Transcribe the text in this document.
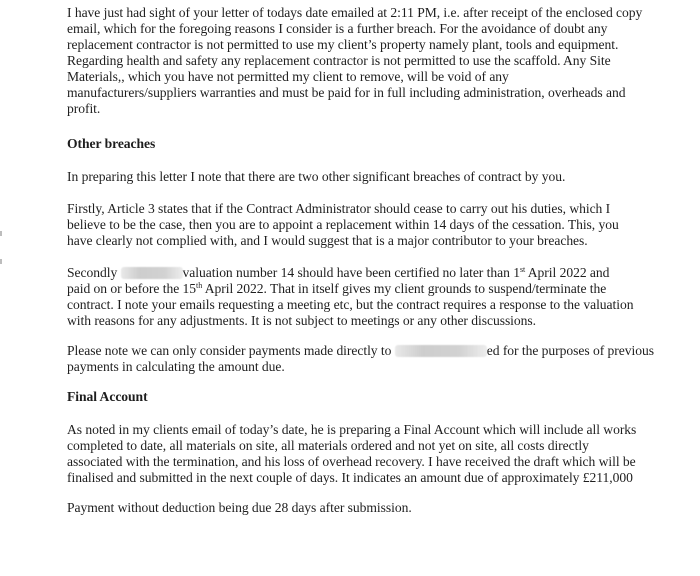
I have just had sight of your letter of todays date emailed at 2:11 PM, i.e. after receipt of the enclosed copy
email, which for the foregoing reasons I consider is a further breach. For the avoidance of doubt any
replacement contractor is not permitted to use my client’s property namely plant, tools and equipment.
Regarding health and safety any replacement contractor is not permitted to use the scaffold. Any Site
Materials,, which you have not permitted my client to remove, will be void of any
manufacturers/suppliers warranties and must be paid for in full including administration, overheads and
profit.
Other breaches
In preparing this letter I note that there are two other significant breaches of contract by you.
Firstly, Article 3 states that if the Contract Administrator should cease to carry out his duties, which I
believe to be the case, then you are to appoint a replacement within 14 days of the cessation. This, you
have clearly not complied with, and I would suggest that is a major contributor to your breaches.
Secondly	valuation number 14 should have been certified no later than 1st April 2022 and
paid on or before the 15th April 2022. That in itself gives my client grounds to suspend/terminate the
contract. I note your emails requesting a meeting etc, but the contract requires a response to the valuation
with reasons for any adjustments. It is not subject to meetings or any other discussions.
Please note we can only consider payments made directly to	ed for the purposes of previous
payments in calculating the amount due.
Final Account
As noted in my clients email of today’s date, he is preparing a Final Account which will include all works
completed to date, all materials on site, all materials ordered and not yet on site, all costs directly
associated with the termination, and his loss of overhead recovery. I have received the draft which will be
finalised and submitted in the next couple of days. It indicates an amount due of approximately £211,000
Payment without deduction being due 28 days after submission.
